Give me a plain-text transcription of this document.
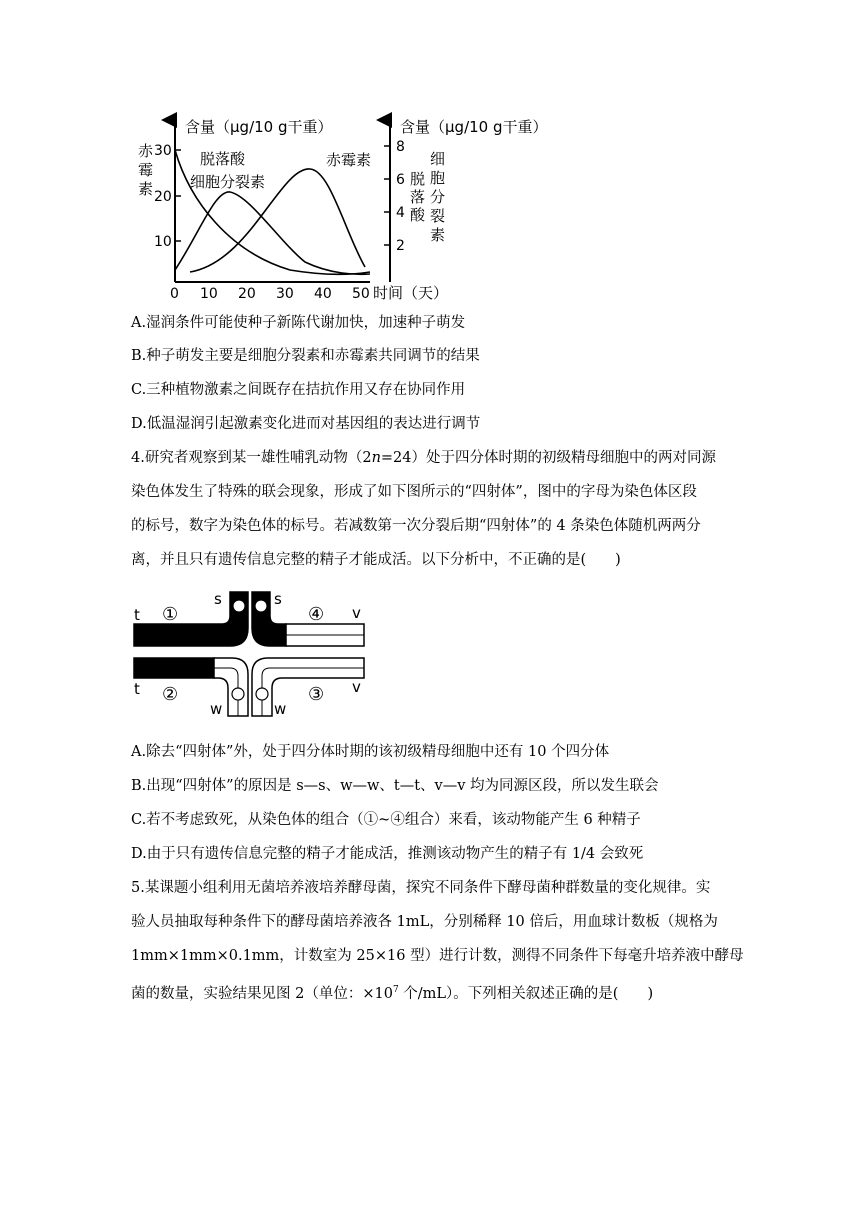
含量（μg/10 g干重）	含量（μg/10 g干重）
赤
霉
素
30
20
10
8
6
4
2
脱
落
酸
细
胞
分
裂
素
脱落酸
细胞分裂素
赤霉素
0 10 20 30 40 50 时间（天）
A.湿润条件可能使种子新陈代谢加快，加速种子萌发
B.种子萌发主要是细胞分裂素和赤霉素共同调节的结果
C.三种植物激素之间既存在拮抗作用又存在协同作用
D.低温湿润引起激素变化进而对基因组的表达进行调节
4.研究者观察到某一雄性哺乳动物（2n=24）处于四分体时期的初级精母细胞中的两对同源
染色体发生了特殊的联会现象，形成了如下图所示的“四射体”，图中的字母为染色体区段
的标号，数字为染色体的标号。若减数第一次分裂后期“四射体”的 4 条染色体随机两两分
离，并且只有遗传信息完整的精子才能成活。以下分析中，不正确的是(　　)
t
t
①
②
④
③
s	s
v
v
w	w
A.除去“四射体”外，处于四分体时期的该初级精母细胞中还有 10 个四分体
B.出现“四射体”的原因是 s—s、w—w、t—t、v—v 均为同源区段，所以发生联会
C.若不考虑致死，从染色体的组合（①~④组合）来看，该动物能产生 6 种精子
D.由于只有遗传信息完整的精子才能成活，推测该动物产生的精子有 1/4 会致死
5.某课题小组利用无菌培养液培养酵母菌，探究不同条件下酵母菌种群数量的变化规律。实
验人员抽取每种条件下的酵母菌培养液各 1mL，分别稀释 10 倍后，用血球计数板（规格为
1mm×1mm×0.1mm，计数室为 25×16 型）进行计数，测得不同条件下每毫升培养液中酵母
菌的数量，实验结果见图 2（单位：$\times 10^7$ 个/mL）。下列相关叙述正确的是(　　)
